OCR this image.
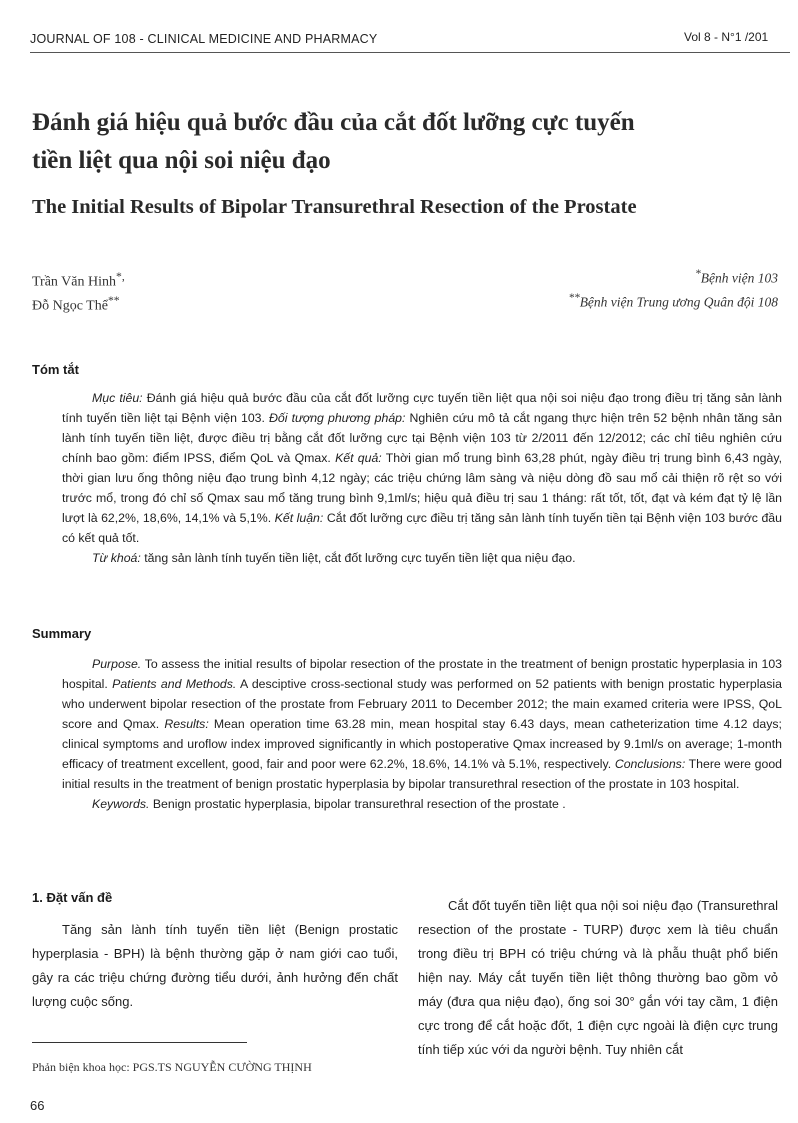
JOURNAL OF 108 - CLINICAL MEDICINE AND PHARMACY	Vol 8 - N°1 /201
Đánh giá hiệu quả bước đầu của cắt đốt lưỡng cực tuyến
tiền liệt qua nội soi niệu đạo
The Initial Results of Bipolar Transurethral Resection of the Prostate
Trần Văn Hinh*,
Đỗ Ngọc Thể**
*Bệnh viện 103
**Bệnh viện Trung ương Quân đội 108
Tóm tắt

Mục tiêu: Đánh giá hiệu quả bước đầu của cắt đốt lưỡng cực tuyến tiền liệt qua nội soi niệu đạo trong điều trị tăng sản lành tính tuyến tiền liệt tại Bệnh viện 103. Đối tượng phương pháp: Nghiên cứu mô tả cắt ngang thực hiện trên 52 bệnh nhân tăng sản lành tính tuyến tiền liệt, được điều trị bằng cắt đốt lưỡng cực tại Bệnh viện 103 từ 2/2011 đến 12/2012; các chỉ tiêu nghiên cứu chính bao gồm: điểm IPSS, điểm QoL và Qmax. Kết quả: Thời gian mổ trung bình 63,28 phút, ngày điều trị trung bình 6,43 ngày, thời gian lưu ống thông niệu đạo trung bình 4,12 ngày; các triệu chứng lâm sàng và niệu dòng đồ sau mổ cải thiện rõ rệt so với trước mổ, trong đó chỉ số Qmax sau mổ tăng trung bình 9,1ml/s; hiệu quả điều trị sau 1 tháng: rất tốt, tốt, đạt và kém đạt tỷ lệ lần lượt là 62,2%, 18,6%, 14,1% và 5,1%. Kết luận: Cắt đốt lưỡng cực điều trị tăng sản lành tính tuyến tiền tại Bệnh viện 103 bước đầu có kết quả tốt.

Từ khoá: tăng sản lành tính tuyến tiền liệt, cắt đốt lưỡng cực tuyến tiền liệt qua niệu đạo.

Summary

Purpose. To assess the initial results of bipolar resection of the prostate in the treatment of benign prostatic hyperplasia in 103 hospital. Patients and Methods. A desciptive cross-sectional study was performed on 52 patients with benign prostatic hyperplasia who underwent bipolar resection of the prostate from February 2011 to December 2012; the main examed criteria were IPSS, QoL score and Qmax. Results: Mean operation time 63.28 min, mean hospital stay 6.43 days, mean catheterization time 4.12 days; clinical symptoms and uroflow index improved significantly in which postoperative Qmax increased by 9.1ml/s on average; 1-month efficacy of treatment excellent, good, fair and poor were 62.2%, 18.6%, 14.1% và 5.1%, respectively. Conclusions: There were good initial results in the treatment of benign prostatic hyperplasia by bipolar transurethral resection of the prostate in 103 hospital.

Keywords. Benign prostatic hyperplasia, bipolar transurethral resection of the prostate .

1. Đặt vấn đề

Tăng sản lành tính tuyến tiền liệt (Benign prostatic hyperplasia - BPH) là bệnh thường gặp ở nam giới cao tuổi, gây ra các triệu chứng đường tiểu dưới, ảnh hưởng đến chất lượng cuộc sống.

Cắt đốt tuyến tiền liệt qua nội soi niệu đạo (Transurethral resection of the prostate - TURP) được xem là tiêu chuẩn trong điều trị BPH có triệu chứng và là phẫu thuật phổ biến hiện nay. Máy cắt tuyến tiền liệt thông thường bao gồm vỏ máy (đưa qua niệu đạo), ống soi 30° gắn với tay cầm, 1 điện cực trong để cắt hoặc đốt, 1 điện cực ngoài là điện cực trung tính tiếp xúc với da người bệnh. Tuy nhiên cắt

Phản biện khoa học: PGS.TS NGUYỄN CƯỜNG THỊNH
66
